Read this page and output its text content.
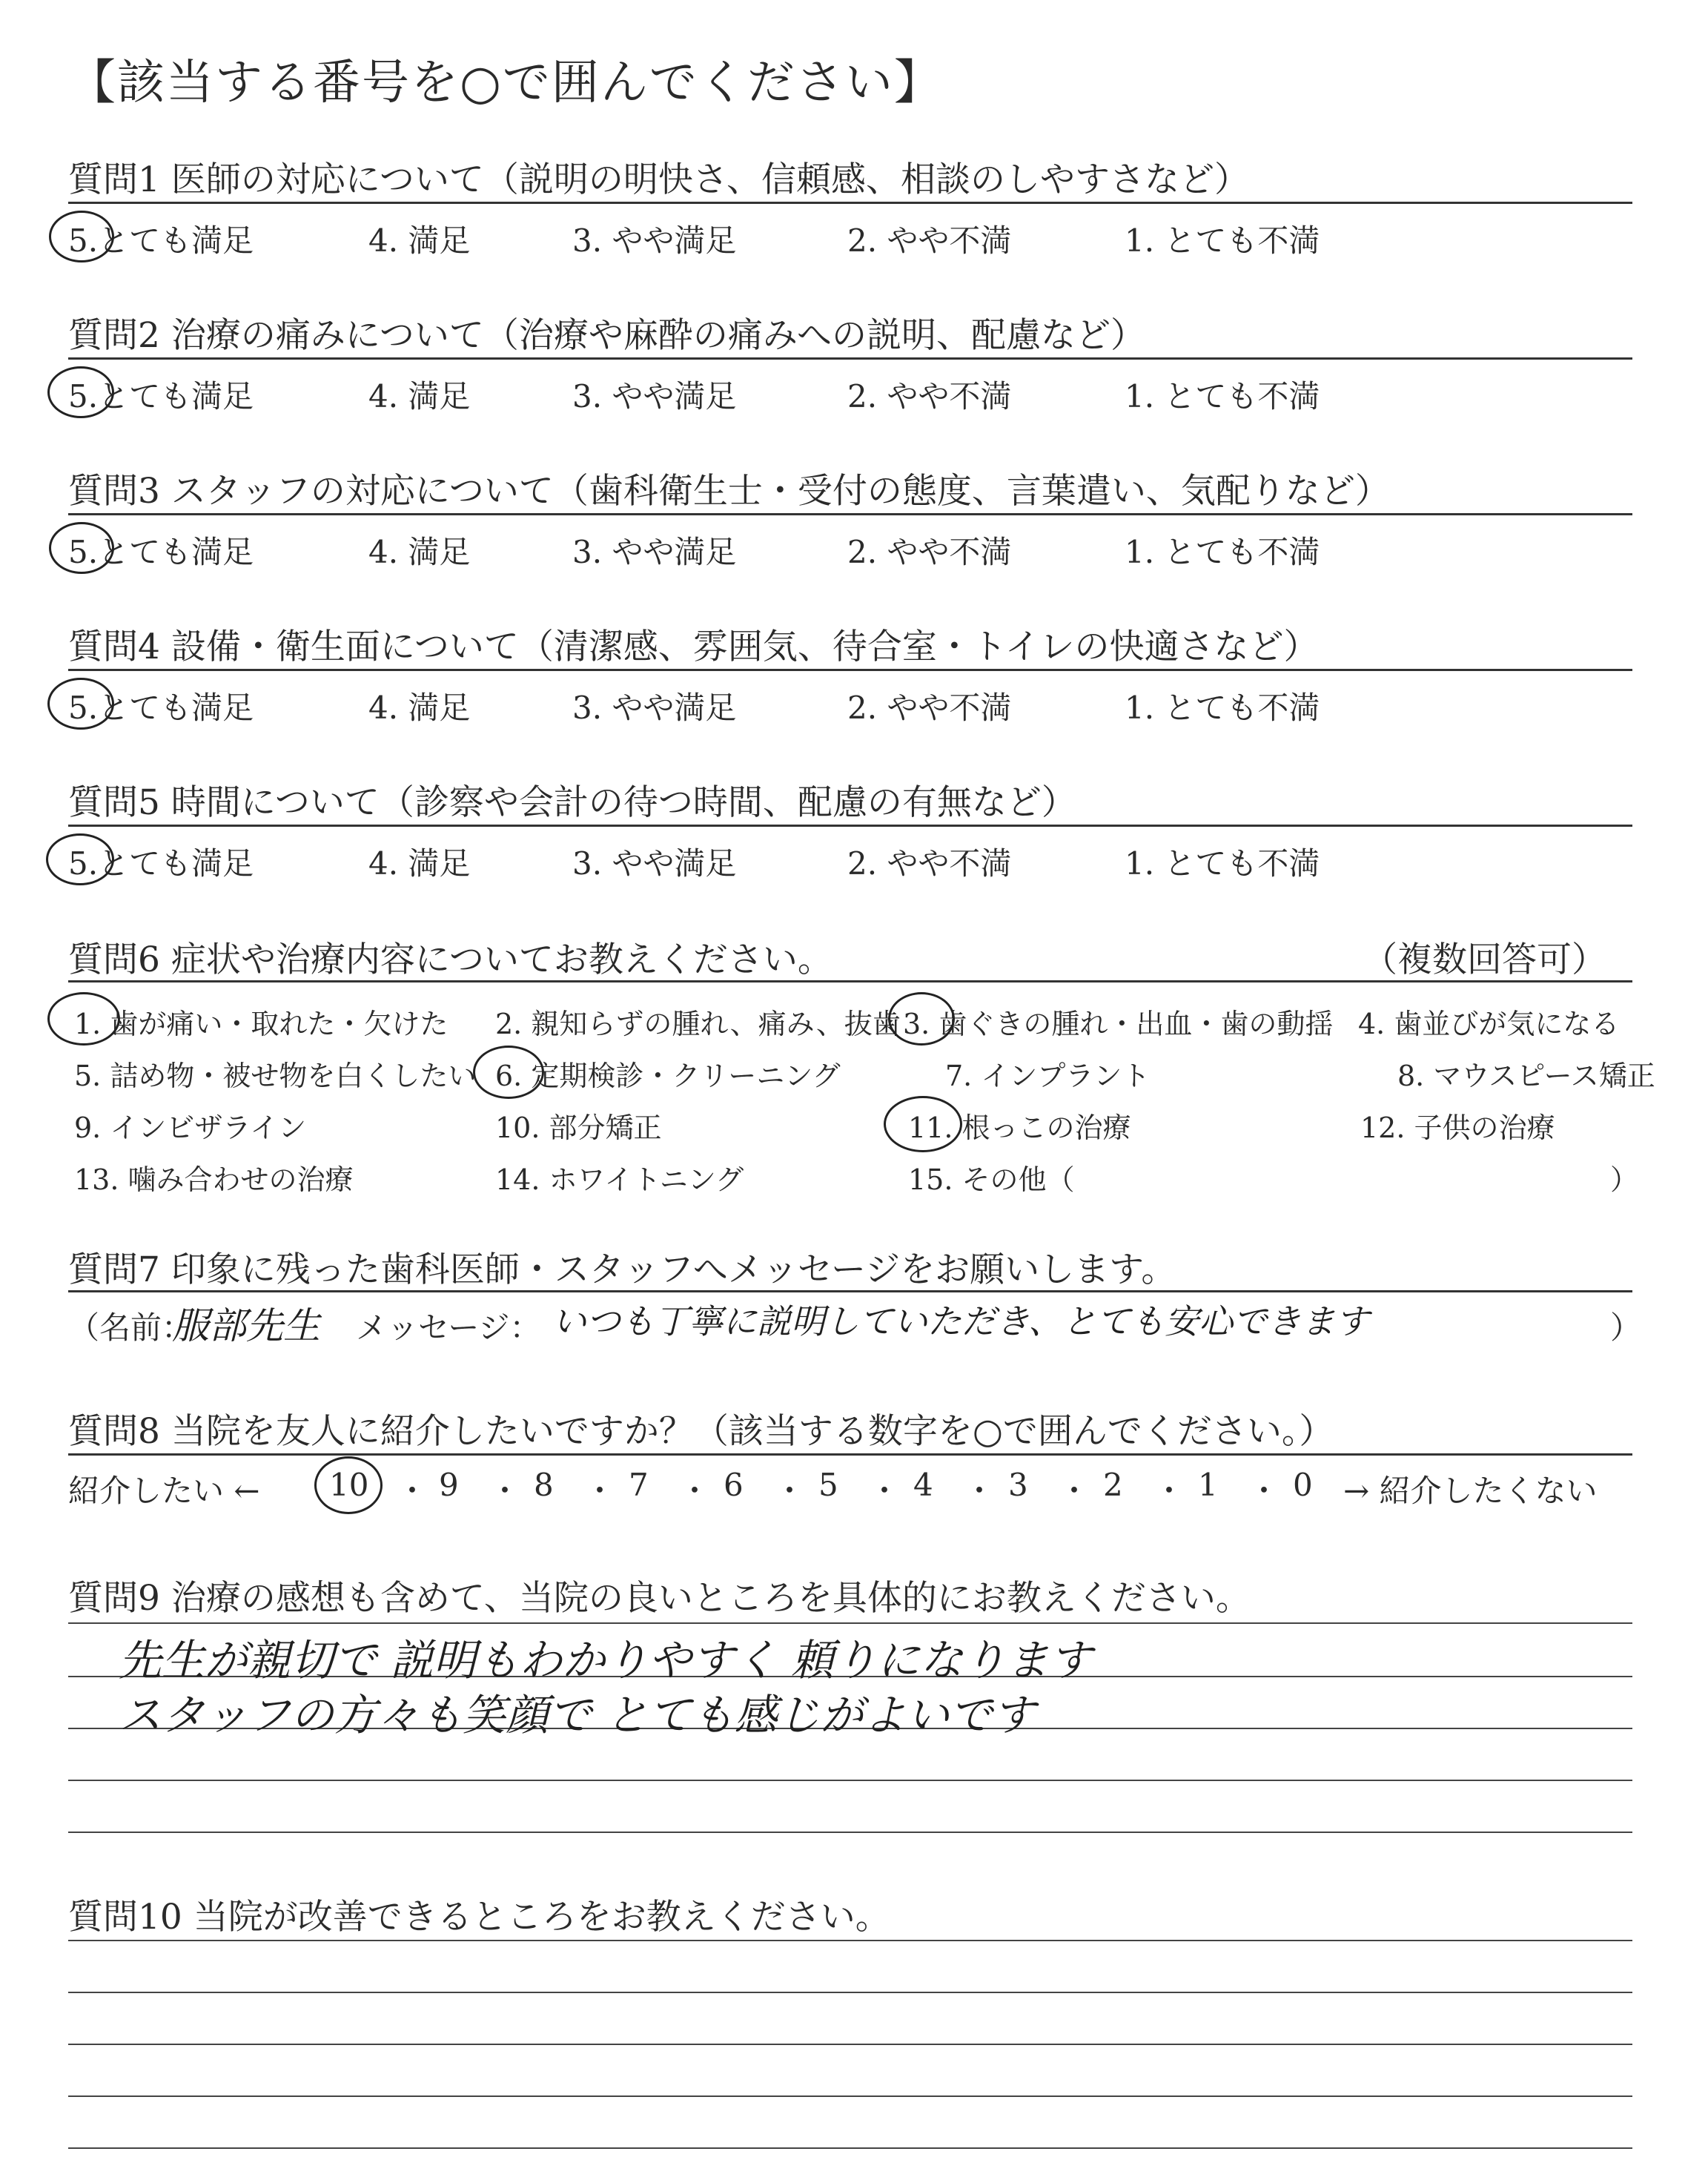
【該当する番号を○で囲んでください】
質問1 医師の対応について（説明の明快さ、信頼感、相談のしやすさなど）
5.とても満足	4. 満足	3. やや満足	2. やや不満	1. とても不満
質問2 治療の痛みについて（治療や麻酔の痛みへの説明、配慮など）
5.とても満足	4. 満足	3. やや満足	2. やや不満	1. とても不満
質問3 スタッフの対応について（歯科衛生士・受付の態度、言葉遣い、気配りなど）
5.とても満足	4. 満足	3. やや満足	2. やや不満	1. とても不満
質問4 設備・衛生面について（清潔感、雰囲気、待合室・トイレの快適さなど）
5.とても満足	4. 満足	3. やや満足	2. やや不満	1. とても不満
質問5 時間について（診察や会計の待つ時間、配慮の有無など）
5.とても満足	4. 満足	3. やや満足	2. やや不満	1. とても不満
質問6 症状や治療内容についてお教えください。	（複数回答可）
1. 歯が痛い・取れた・欠けた 2. 親知らずの腫れ、痛み、抜歯 3. 歯ぐきの腫れ・出血・歯の動揺 4. 歯並びが気になる
5. 詰め物・被せ物を白くしたい 6. 定期検診・クリーニング	7. インプラント	8. マウスピース矯正
9. インビザライン	10. 部分矯正	11. 根っこの治療	12. 子供の治療
13. 噛み合わせの治療	14. ホワイトニング	15. その他（	）
質問7 印象に残った歯科医師・スタッフへメッセージをお願いします。
（名前：
服部先生 メッセージ： いつも丁寧に説明していただき、とても安心できます	）
質問8 当院を友人に紹介したいですか？（該当する数字を○で囲んでください。）
紹介したい ← 10 ・ 9 ・ 8 ・ 7 ・ 6 ・ 5 ・ 4 ・ 3 ・ 2 ・ 1 ・ 0 → 紹介したくない
質問9 治療の感想も含めて、当院の良いところを具体的にお教えください。
先生が親切で 説明もわかりやすく 頼りになります
スタッフの方々も笑顔で とても感じがよいです
質問10 当院が改善できるところをお教えください。
